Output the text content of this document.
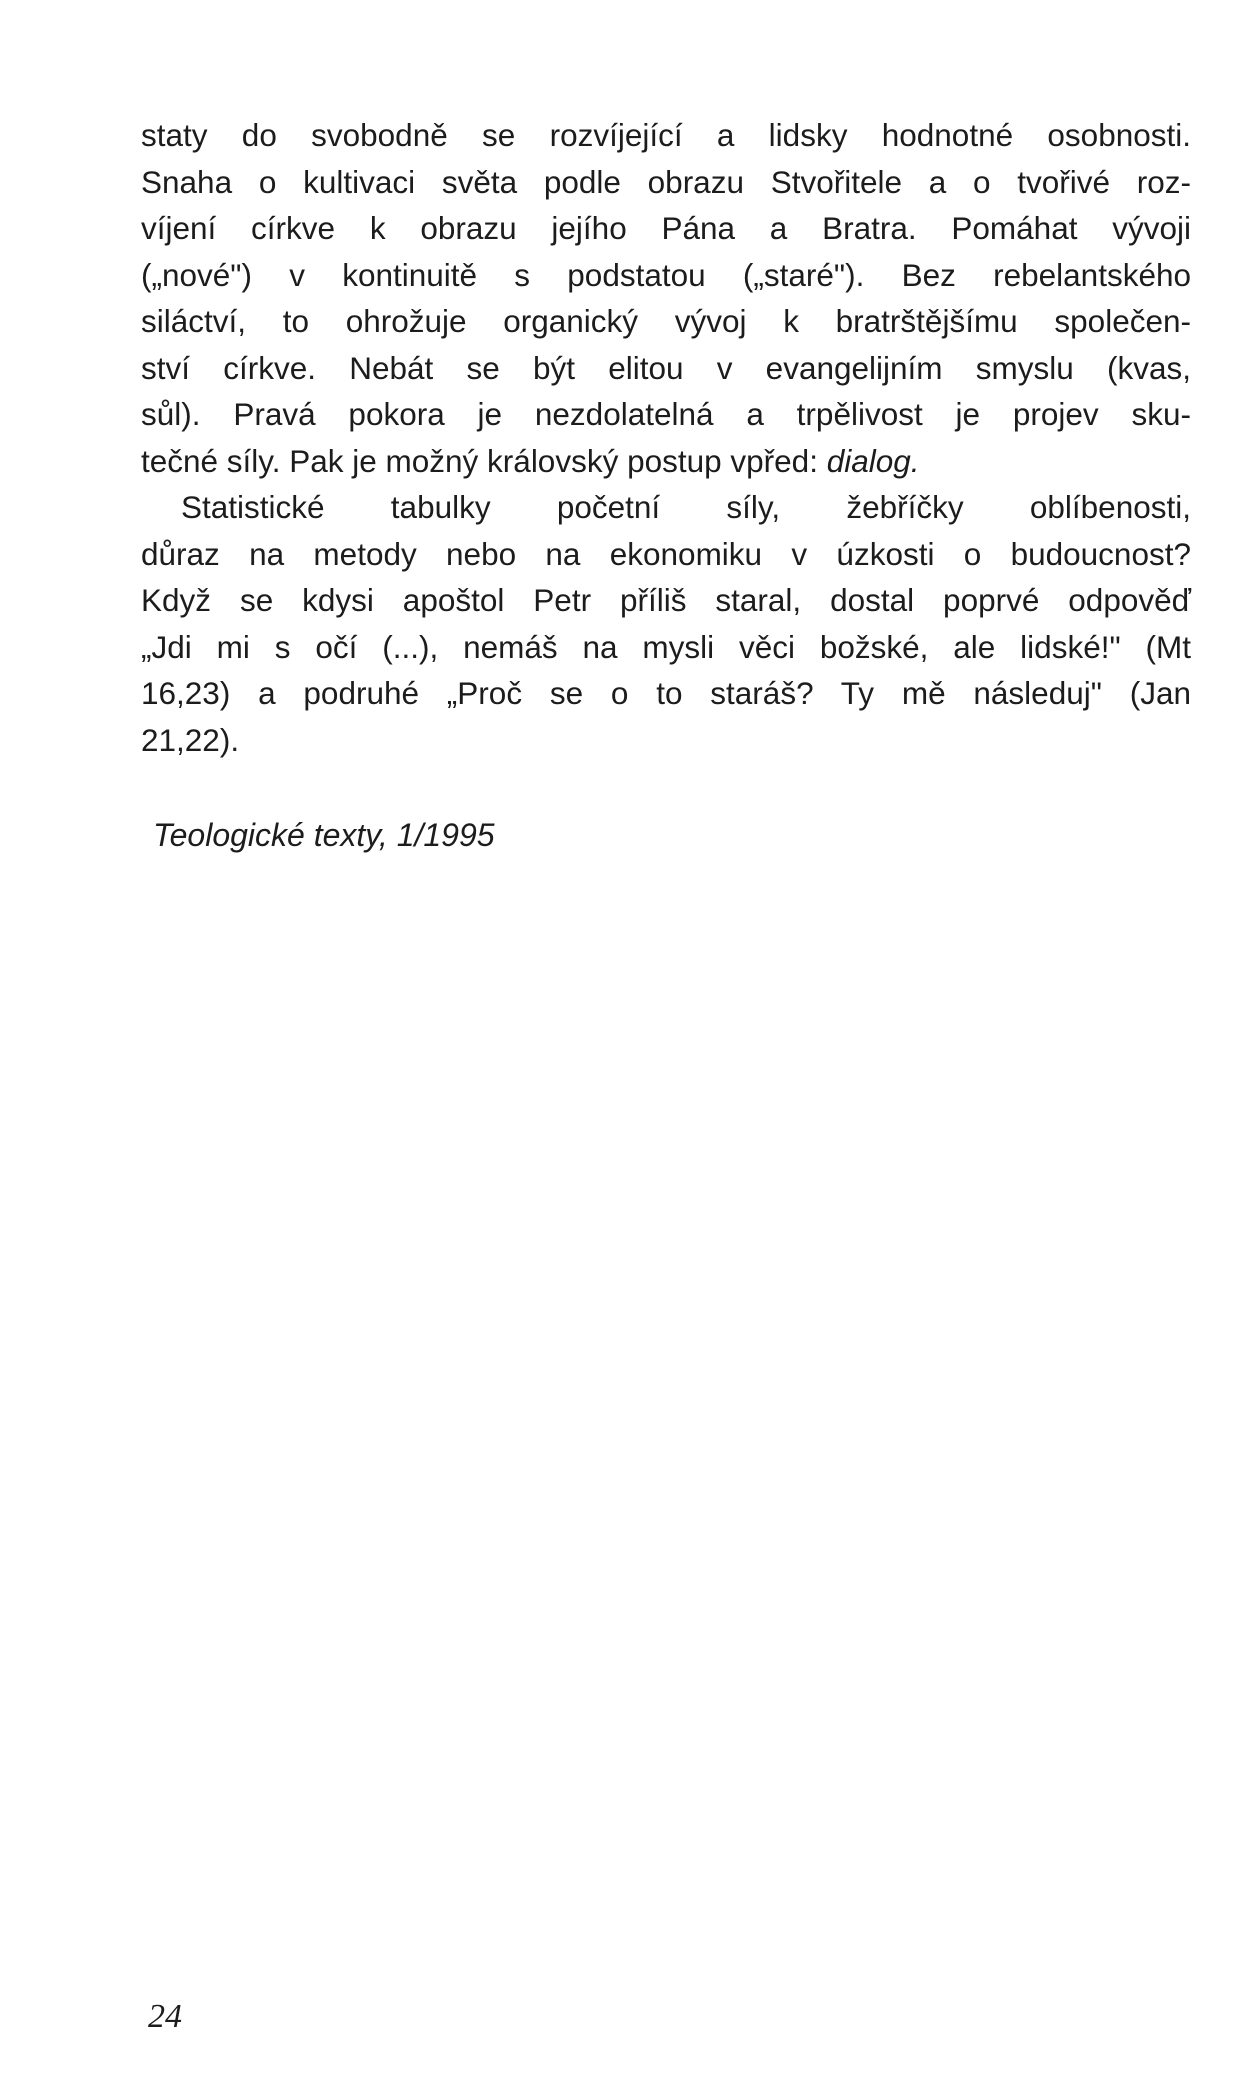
staty do svobodně se rozvíjející a lidsky hodnotné osobnosti.

Snaha o kultivaci světa podle obrazu Stvořitele a o tvořivé roz-

víjení církve k obrazu jejího Pána a Bratra. Pomáhat vývoji

(„nové") v kontinuitě s podstatou („staré"). Bez rebelantského

siláctví, to ohrožuje organický vývoj k bratrštějšímu společen-

ství církve. Nebát se být elitou v evangelijním smyslu (kvas,

sůl). Pravá pokora je nezdolatelná a trpělivost je projev sku-

tečné síly. Pak je možný královský postup vpřed: dialog.

Statistické tabulky početní síly, žebříčky oblíbenosti,

důraz na metody nebo na ekonomiku v úzkosti o budoucnost?

Když se kdysi apoštol Petr příliš staral, dostal poprvé odpověď

„Jdi mi s očí (...), nemáš na mysli věci božské, ale lidské!" (Mt

16,23) a podruhé „Proč se o to staráš? Ty mě následuj" (Jan

21,22).

Teologické texty, 1/1995

24
